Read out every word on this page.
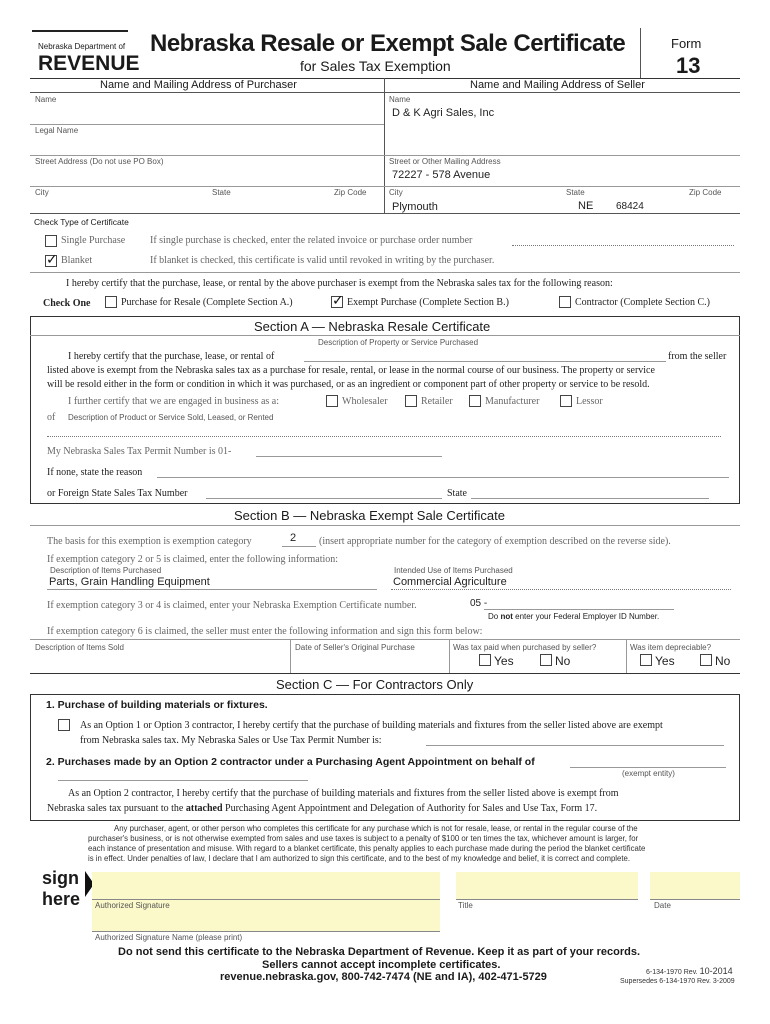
Nebraska Department of
REVENUE
Nebraska Resale or Exempt Sale Certificate
for Sales Tax Exemption
Form
13
Name and Mailing Address of Purchaser	Name and Mailing Address of Seller
Name
Legal Name
Street Address (Do not use PO Box)
City	State	Zip Code
Name
D & K Agri Sales, Inc
Street or Other Mailing Address
72227 - 578 Avenue
City	State	Zip Code
Plymouth	NE 68424
Check Type of Certificate
Single Purchase If single purchase is checked, enter the related invoice or purchase order number
✓
Blanket	If blanket is checked, this certificate is valid until revoked in writing by the purchaser.
I hereby certify that the purchase, lease, or rental by the above purchaser is exempt from the Nebraska sales tax for the following reason:
Check One	Purchase for Resale (Complete Section A.)
✓	Exempt Purchase (Complete Section B.)	Contractor (Complete Section C.)
Section A — Nebraska Resale Certificate
Description of Property or Service Purchased
I hereby certify that the purchase, lease, or rental of	from the seller
listed above is exempt from the Nebraska sales tax as a purchase for resale, rental, or lease in the normal course of our business. The property or service
will be resold either in the form or condition in which it was purchased, or as an ingredient or component part of other property or service to be resold.
I further certify that we are engaged in business as a:	Wholesaler	Retailer	Manufacturer	Lessor
of Description of Product or Service Sold, Leased, or Rented
My Nebraska Sales Tax Permit Number is 01-
If none, state the reason
or Foreign State Sales Tax Number	State
Section B — Nebraska Exempt Sale Certificate
The basis for this exemption is exemption category	2 (insert appropriate number for the category of exemption described on the reverse side).
If exemption category 2 or 5 is claimed, enter the following information:
Description of Items Purchased
Parts, Grain Handling Equipment
Intended Use of Items Purchased
Commercial Agriculture
If exemption category 3 or 4 is claimed, enter your Nebraska Exemption Certificate number.	05 -
Do not enter your Federal Employer ID Number.
If exemption category 6 is claimed, the seller must enter the following information and sign this form below:
Description of Items Sold	Date of Seller's Original Purchase	Was tax paid when purchased by seller?	Was item depreciable?
Yes	No	Yes	No
Section C — For Contractors Only
1. Purchase of building materials or fixtures.
As an Option 1 or Option 3 contractor, I hereby certify that the purchase of building materials and fixtures from the seller listed above are exempt
from Nebraska sales tax. My Nebraska Sales or Use Tax Permit Number is:
2. Purchases made by an Option 2 contractor under a Purchasing Agent Appointment on behalf of
(exempt entity)
As an Option 2 contractor, I hereby certify that the purchase of building materials and fixtures from the seller listed above is exempt from
Nebraska sales tax pursuant to the attached Purchasing Agent Appointment and Delegation of Authority for Sales and Use Tax, Form 17.
Any purchaser, agent, or other person who completes this certificate for any purchase which is not for resale, lease, or rental in the regular course of the
purchaser's business, or is not otherwise exempted from sales and use taxes is subject to a penalty of $100 or ten times the tax, whichever amount is larger, for
each instance of presentation and misuse. With regard to a blanket certificate, this penalty applies to each purchase made during the period the blanket certificate
is in effect. Under penalties of law, I declare that I am authorized to sign this certificate, and to the best of my knowledge and belief, it is correct and complete.
sign
here Authorized Signature	Title	Date
Authorized Signature Name (please print)
Do not send this certificate to the Nebraska Department of Revenue. Keep it as part of your records.
Sellers cannot accept incomplete certificates.
revenue.nebraska.gov, 800-742-7474 (NE and IA), 402-471-5729	6-134-1970 Rev. 10-2014
Supersedes 6-134-1970 Rev. 3-2009
